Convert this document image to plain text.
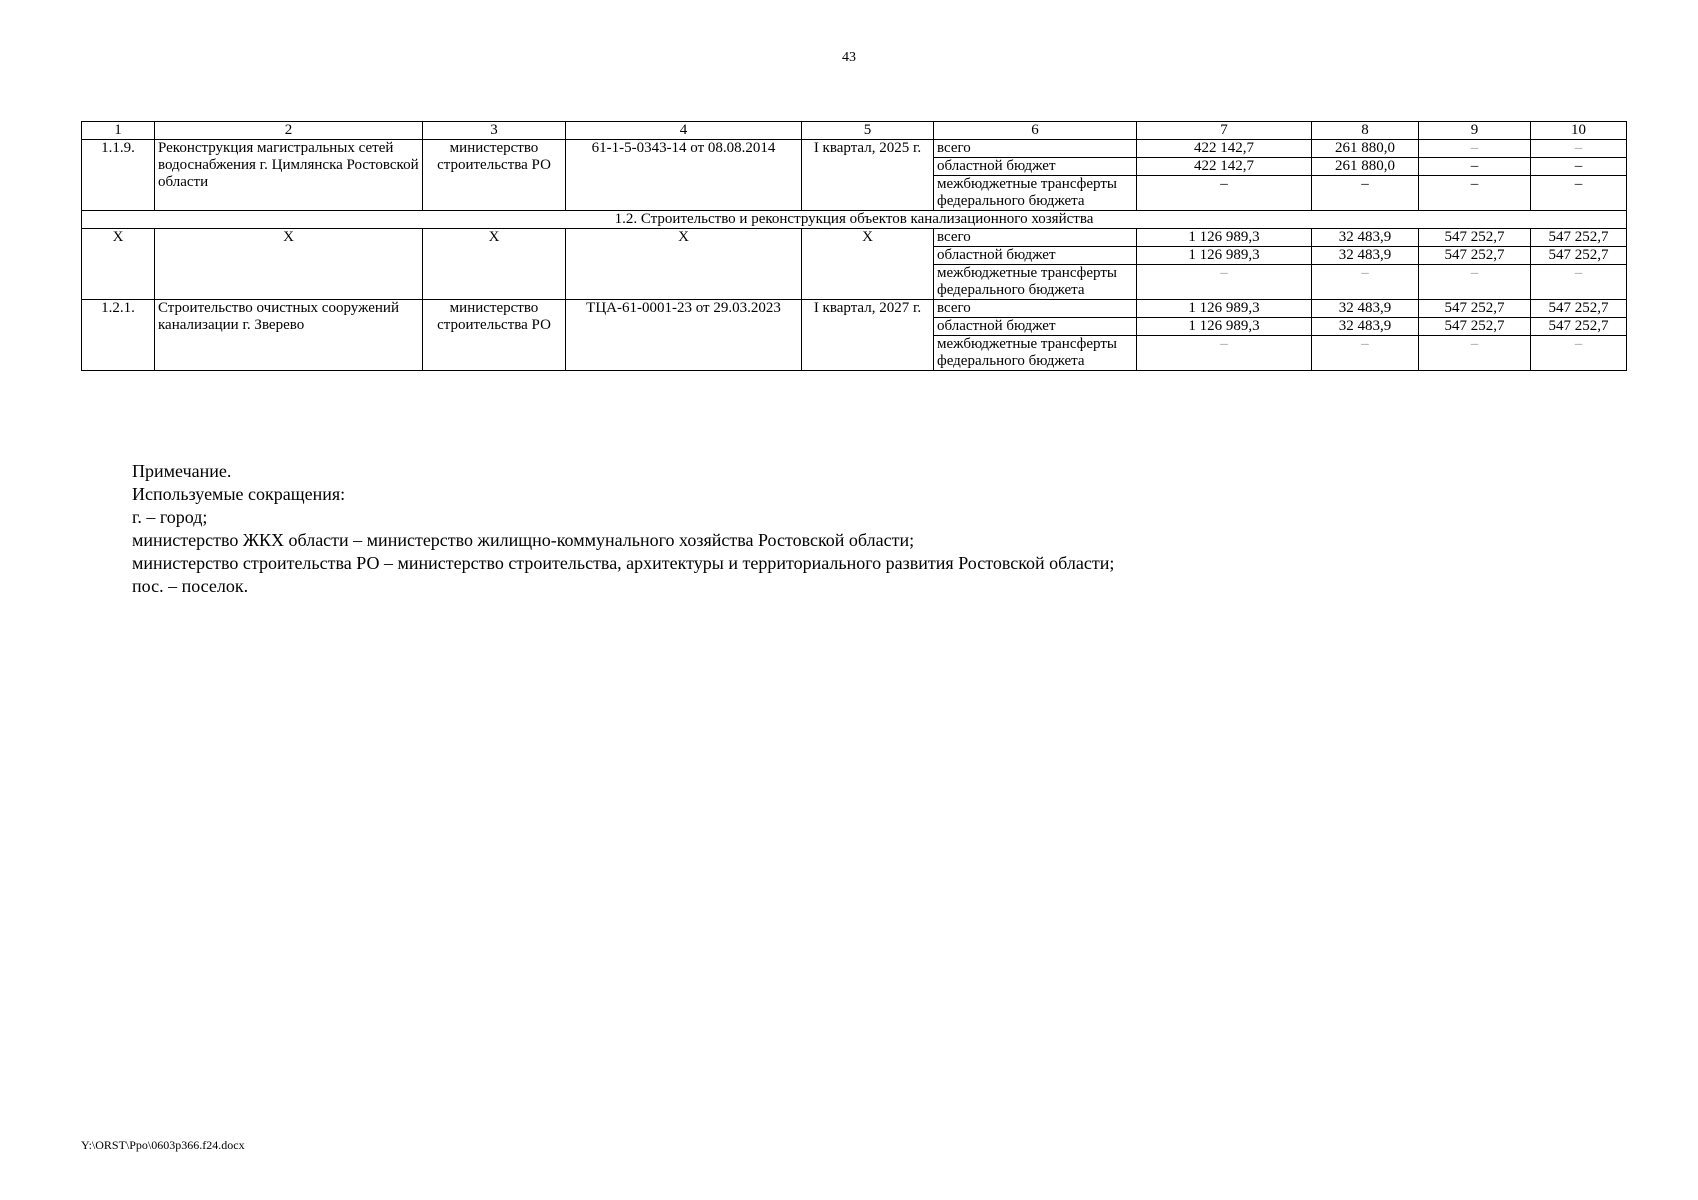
43
1	2	3	4	5	6	7	8	9	10
1.1.9.	Реконструкция магистральных сетей водоснабжения г. Цимлянска Ростовской области	министерство строительства РО	61-1-5-0343-14 от 08.08.2014	I квартал, 2025 г.	всего	422 142,7	261 880,0	–	–
					областной бюджет	422 142,7	261 880,0	–	–
					межбюджетные трансферты федерального бюджета	–	–	–	–
1.2. Строительство и реконструкция объектов канализационного хозяйства									
Х	Х	Х	Х	Х	всего	1 126 989,3	32 483,9	547 252,7	547 252,7
					областной бюджет	1 126 989,3	32 483,9	547 252,7	547 252,7
					межбюджетные трансферты федерального бюджета	–	–	–	–
1.2.1.	Строительство очистных сооружений канализации г. Зверево	министерство строительства РО	ТЦА-61-0001-23 от 29.03.2023	I квартал, 2027 г.	всего	1 126 989,3	32 483,9	547 252,7	547 252,7
					областной бюджет	1 126 989,3	32 483,9	547 252,7	547 252,7
					межбюджетные трансферты федерального бюджета	–	–	–	–
Примечание.
Используемые сокращения:
г. – город;
министерство ЖКХ области – министерство жилищно-коммунального хозяйства Ростовской области;
министерство строительства РО – министерство строительства, архитектуры и территориального развития Ростовской области;
пос. – поселок.
Y:\ORST\Ppo\0603p366.f24.docx
